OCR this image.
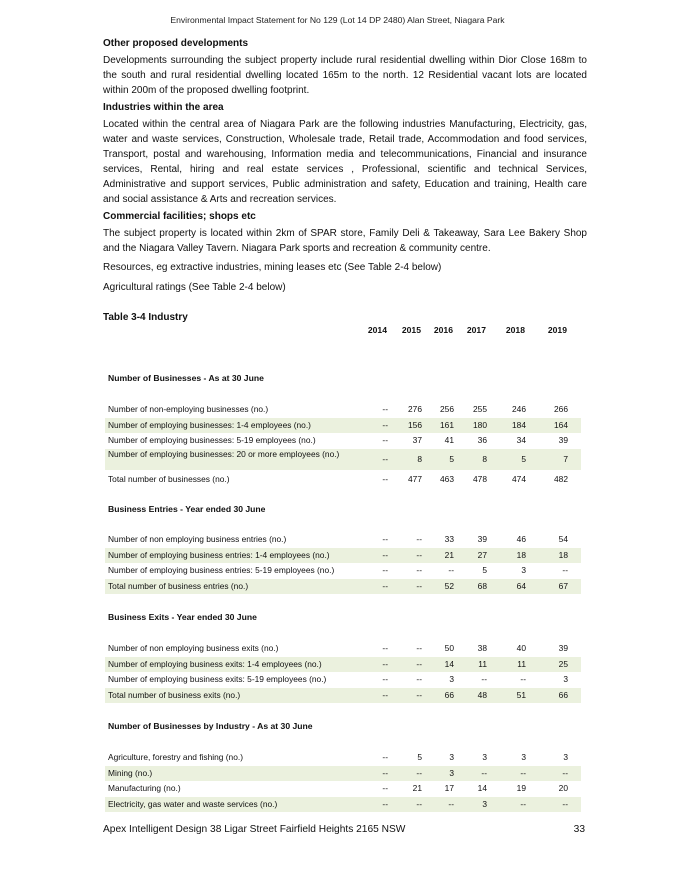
Environmental Impact Statement for No 129 (Lot 14 DP 2480) Alan Street, Niagara Park
Other proposed developments
Developments surrounding the subject property include rural residential dwelling within Dior Close 168m to the south and rural residential dwelling located 165m to the north. 12 Residential vacant lots are located within 200m of the proposed dwelling footprint.
Industries within the area
Located within the central area of Niagara Park are the following industries Manufacturing, Electricity, gas, water and waste services, Construction, Wholesale trade, Retail trade, Accommodation and food services, Transport, postal and warehousing, Information media and telecommunications, Financial and insurance services, Rental, hiring and real estate services , Professional, scientific and technical Services, Administrative and support services, Public administration and safety, Education and training, Health care and social assistance & Arts and recreation services.
Commercial facilities; shops etc
The subject property is located within 2km of SPAR store, Family Deli & Takeaway, Sara Lee Bakery Shop and the Niagara Valley Tavern. Niagara Park sports and recreation & community centre.
Resources, eg extractive industries, mining leases etc (See Table 2-4 below)
Agricultural ratings (See Table 2-4 below)
Table 3-4 Industry
2014	2015	2016	2017	2018	2019
Number of Businesses - As at 30 June
Number of non-employing businesses (no.)	--	276	256	255	246	266
Number of employing businesses: 1-4 employees (no.)	--	156	161	180	184	164
Number of employing businesses: 5-19 employees (no.)	--	37	41	36	34	39
Number of employing businesses: 20 or more employees (no.)	--	8	5	8	5	7
Total number of businesses (no.)	--	477	463	478	474	482
Business Entries - Year ended 30 June
Number of non employing business entries (no.)	--	--	33	39	46	54
Number of employing business entries: 1-4 employees (no.)	--	--	21	27	18	18
Number of employing business entries: 5-19 employees (no.)	--	--	--	5	3	--
Total number of business entries (no.)	--	--	52	68	64	67
Business Exits - Year ended 30 June
Number of non employing business exits (no.)	--	--	50	38	40	39
Number of employing business exits: 1-4 employees (no.)	--	--	14	11	11	25
Number of employing business exits: 5-19 employees (no.)	--	--	3	--	--	3
Total number of business exits (no.)	--	--	66	48	51	66
Number of Businesses by Industry - As at 30 June
Agriculture, forestry and fishing (no.)	--	5	3	3	3	3
Mining (no.)	--	--	3	--	--	--
Manufacturing (no.)	--	21	17	14	19	20
Electricity, gas water and waste services (no.)	--	--	--	3	--	--
Apex Intelligent Design 38 Ligar Street Fairfield Heights 2165 NSW	33
